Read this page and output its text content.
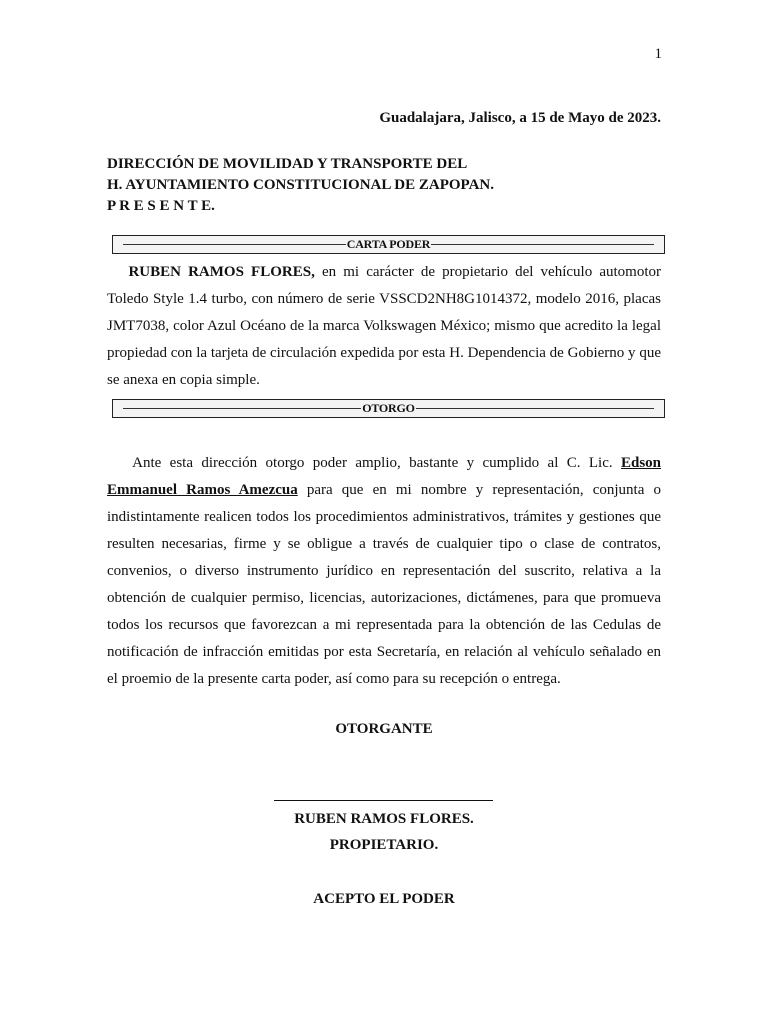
1
Guadalajara, Jalisco, a 15 de Mayo de 2023.
DIRECCIÓN DE MOVILIDAD Y TRANSPORTE DEL
H. AYUNTAMIENTO CONSTITUCIONAL DE ZAPOPAN.
P R E S E N T E.
CARTA PODER
RUBEN RAMOS FLORES, en mi carácter de propietario del vehículo automotor Toledo Style 1.4 turbo, con número de serie VSSCD2NH8G1014372, modelo 2016, placas JMT7038, color Azul Océano de la marca Volkswagen México; mismo que acredito la legal propiedad con la tarjeta de circulación expedida por esta H. Dependencia de Gobierno y que se anexa en copia simple.
OTORGO
Ante esta dirección otorgo poder amplio, bastante y cumplido al C. Lic. Edson Emmanuel Ramos Amezcua para que en mi nombre y representación, conjunta o indistintamente realicen todos los procedimientos administrativos, trámites y gestiones que resulten necesarias, firme y se obligue a través de cualquier tipo o clase de contratos, convenios, o diverso instrumento jurídico en representación del suscrito, relativa a la obtención de cualquier permiso, licencias, autorizaciones, dictámenes, para que promueva todos los recursos que favorezcan a mi representada para la obtención de las Cedulas de notificación de infracción emitidas por esta Secretaría, en relación al vehículo señalado en el proemio de la presente carta poder, así como para su recepción o entrega.
OTORGANTE
RUBEN RAMOS FLORES.
PROPIETARIO.
ACEPTO EL PODER
